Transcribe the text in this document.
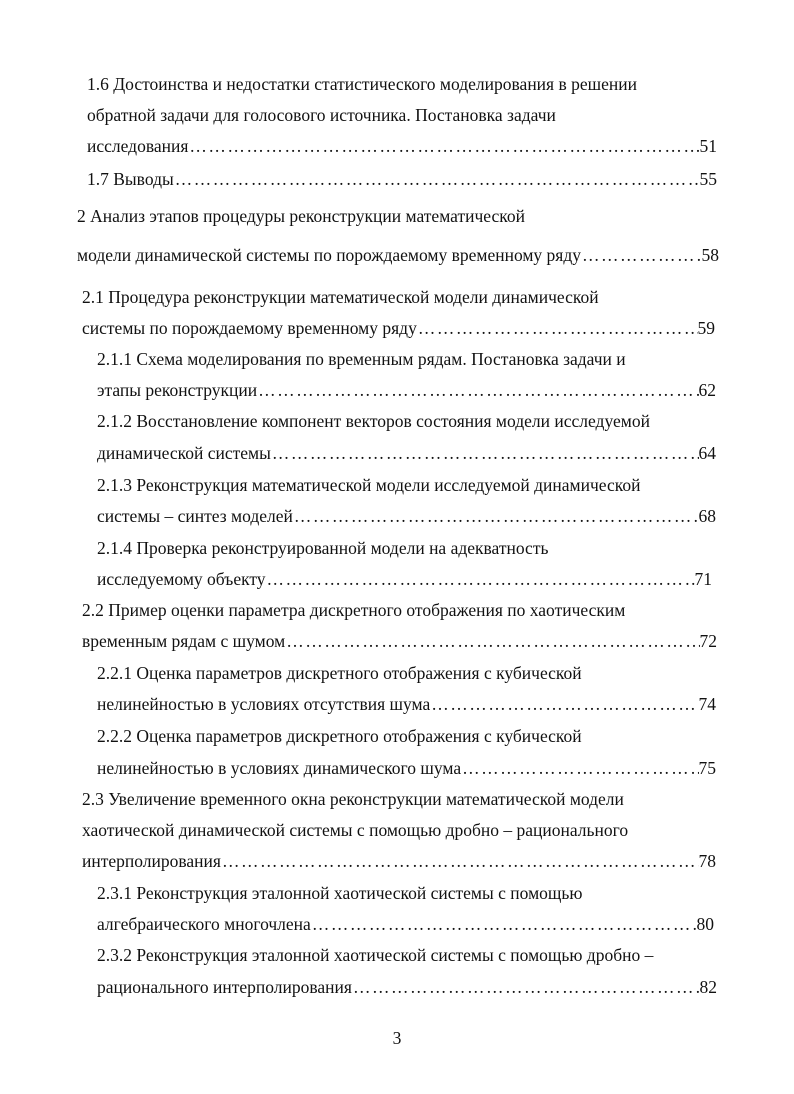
1.6 Достоинства и недостатки статистического моделирования в решении
обратной задачи для голосового источника. Постановка задачи
исследования ……………………………………………………………………………………………………………………………………………………………………………………	51
1.7 Выводы ……………………………………………………………………………………………………………………………………………………………………………………	55
2 Анализ этапов процедуры реконструкции математической
модели динамической системы по порождаемому временному ряду ……………………………………………………………………………………………………………………………………………………………………………………	58
2.1 Процедура реконструкции математической модели динамической
системы по порождаемому временному ряду ……………………………………………………………………………………………………………………………………………………………………………………	59
2.1.1 Схема моделирования по временным рядам. Постановка задачи и
этапы реконструкции ……………………………………………………………………………………………………………………………………………………………………………………	62
2.1.2 Восстановление компонент векторов состояния модели исследуемой
динамической системы ……………………………………………………………………………………………………………………………………………………………………………………	64
2.1.3 Реконструкция математической модели исследуемой динамической
системы – синтез моделей ……………………………………………………………………………………………………………………………………………………………………………………	68
2.1.4 Проверка реконструированной модели на адекватность
исследуемому объекту ……………………………………………………………………………………………………………………………………………………………………………………	71
2.2 Пример оценки параметра дискретного отображения по хаотическим
временным рядам с шумом ……………………………………………………………………………………………………………………………………………………………………………………	72
2.2.1 Оценка параметров дискретного отображения с кубической
нелинейностью в условиях отсутствия шума ……………………………………………………………………………………………………………………………………………………………………………………	74
2.2.2 Оценка параметров дискретного отображения с кубической
нелинейностью в условиях динамического шума ……………………………………………………………………………………………………………………………………………………………………………………	75
2.3 Увеличение временного окна реконструкции математической модели
хаотической динамической системы с помощью дробно – рационального
интерполирования ……………………………………………………………………………………………………………………………………………………………………………………	78
2.3.1 Реконструкция эталонной хаотической системы с помощью
алгебраического многочлена ……………………………………………………………………………………………………………………………………………………………………………………	80
2.3.2 Реконструкция эталонной хаотической системы с помощью дробно –
рационального интерполирования ……………………………………………………………………………………………………………………………………………………………………………………	82
3
